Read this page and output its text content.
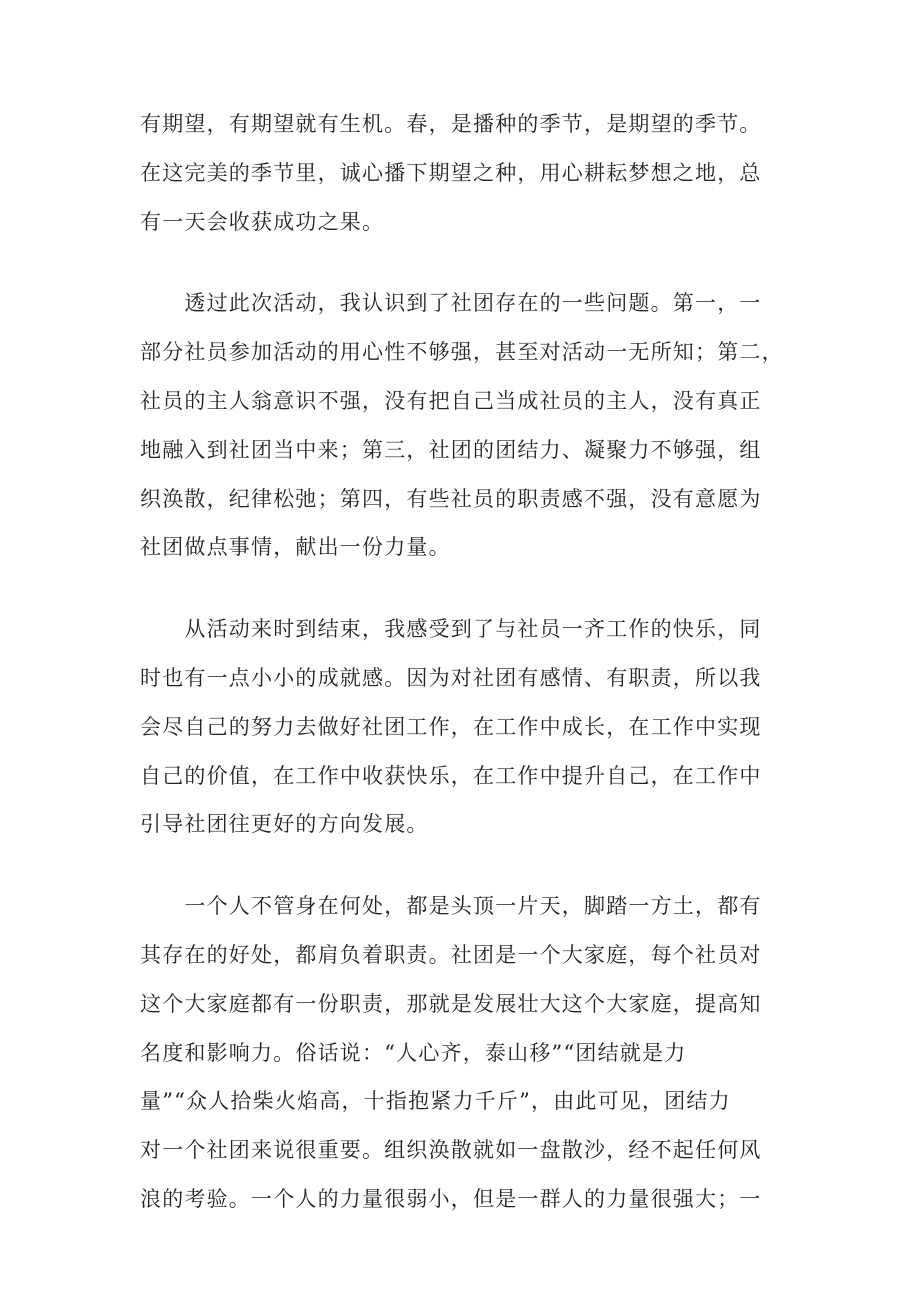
有期望，有期望就有生机。春，是播种的季节，是期望的季节。
在这完美的季节里，诚心播下期望之种，用心耕耘梦想之地，总
有一天会收获成功之果。

　　透过此次活动，我认识到了社团存在的一些问题。第一，一
部分社员参加活动的用心性不够强，甚至对活动一无所知；第二，
社员的主人翁意识不强，没有把自己当成社员的主人，没有真正
地融入到社团当中来；第三，社团的团结力、凝聚力不够强，组
织涣散，纪律松弛；第四，有些社员的职责感不强，没有意愿为
社团做点事情，献出一份力量。

　　从活动来时到结束，我感受到了与社员一齐工作的快乐，同
时也有一点小小的成就感。因为对社团有感情、有职责，所以我
会尽自己的努力去做好社团工作，在工作中成长，在工作中实现
自己的价值，在工作中收获快乐，在工作中提升自己，在工作中
引导社团往更好的方向发展。

　　一个人不管身在何处，都是头顶一片天，脚踏一方土，都有
其存在的好处，都肩负着职责。社团是一个大家庭，每个社员对
这个大家庭都有一份职责，那就是发展壮大这个大家庭，提高知
名度和影响力。俗话说：“人心齐，泰山移”“团结就是力
量”“众人拾柴火焰高，十指抱紧力千斤”，由此可见，团结力
对一个社团来说很重要。组织涣散就如一盘散沙，经不起任何风
浪的考验。一个人的力量很弱小，但是一群人的力量很强大；一
